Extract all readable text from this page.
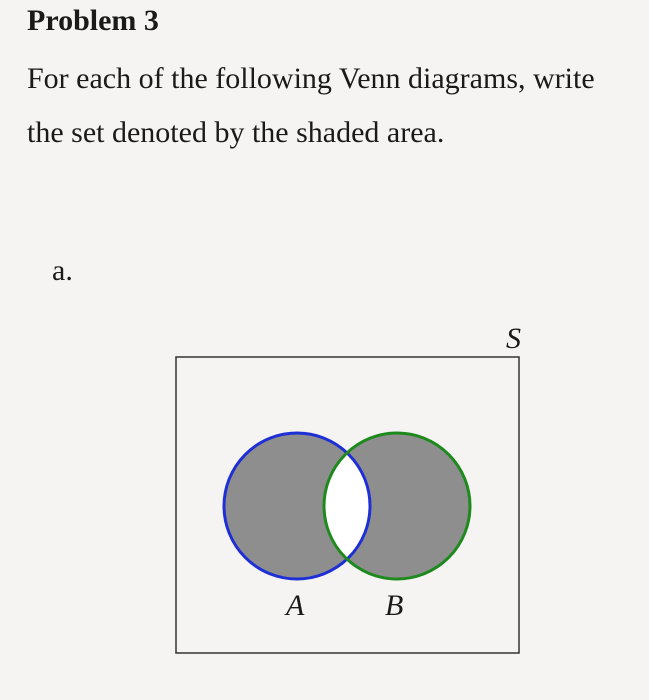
Problem 3

For each of the following Venn diagrams, write the set denoted by the shaded area.

a.

S
A	B
